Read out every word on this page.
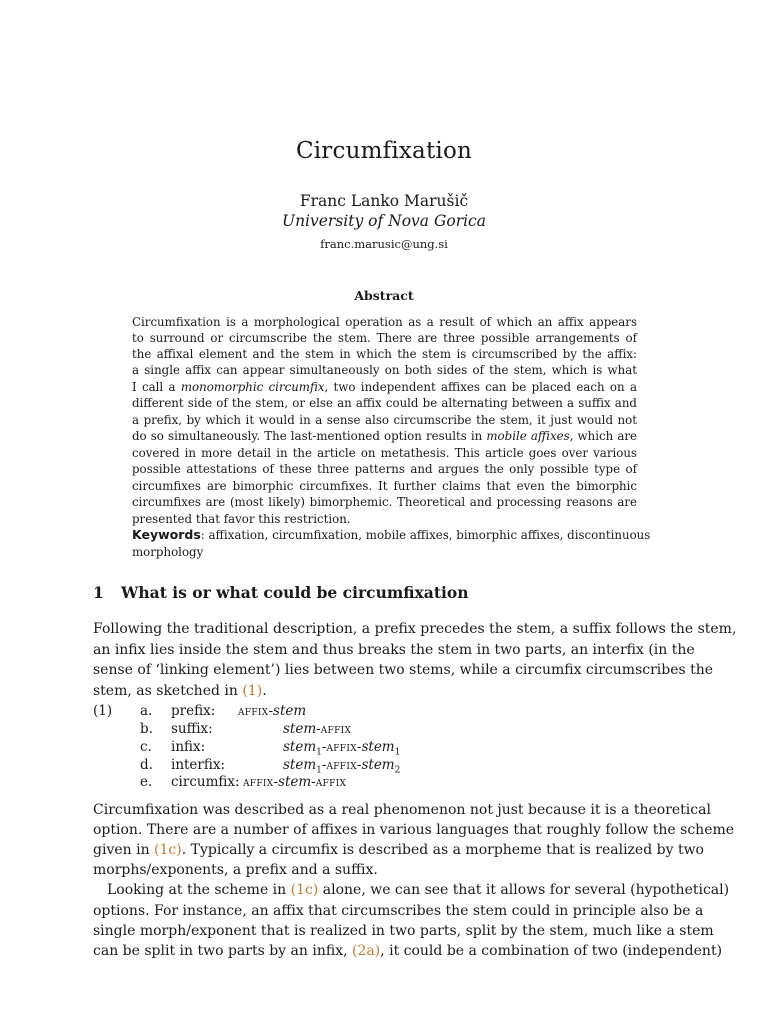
Circumfixation
Franc Lanko Marušič
University of Nova Gorica
franc.marusic@ung.si
Abstract
Circumfixation is a morphological operation as a result of which an affix appears
to surround or circumscribe the stem. There are three possible arrangements of
the affixal element and the stem in which the stem is circumscribed by the affix:
a single affix can appear simultaneously on both sides of the stem, which is what
I call a monomorphic circumfix, two independent affixes can be placed each on a
different side of the stem, or else an affix could be alternating between a suffix and
a prefix, by which it would in a sense also circumscribe the stem, it just would not
do so simultaneously. The last-mentioned option results in mobile affixes, which are
covered in more detail in the article on metathesis. This article goes over various
possible attestations of these three patterns and argues the only possible type of
circumfixes are bimorphic circumfixes. It further claims that even the bimorphic
circumfixes are (most likely) bimorphemic. Theoretical and processing reasons are
presented that favor this restriction.
Keywords: affixation, circumfixation, mobile affixes, bimorphic affixes, discontinuous
morphology
1 What is or what could be circumfixation
Following the traditional description, a prefix precedes the stem, a suffix follows the stem,
an infix lies inside the stem and thus breaks the stem in two parts, an interfix (in the
sense of ‘linking element’) lies between two stems, while a circumfix circumscribes the
stem, as sketched in (1).
(1) a. prefix: affix-stem
b. suffix:	stem-affix
c. infix:	stem$_1$-affix-stem$_1$
d. interfix:	stem$_1$-affix-stem$_2$
e. circumfix: affix-stem-affix
Circumfixation was described as a real phenomenon not just because it is a theoretical
option. There are a number of affixes in various languages that roughly follow the scheme
given in (1c). Typically a circumfix is described as a morpheme that is realized by two
morphs/exponents, a prefix and a suffix.
Looking at the scheme in (1c) alone, we can see that it allows for several (hypothetical)
options. For instance, an affix that circumscribes the stem could in principle also be a
single morph/exponent that is realized in two parts, split by the stem, much like a stem
can be split in two parts by an infix, (2a), it could be a combination of two (independent)
